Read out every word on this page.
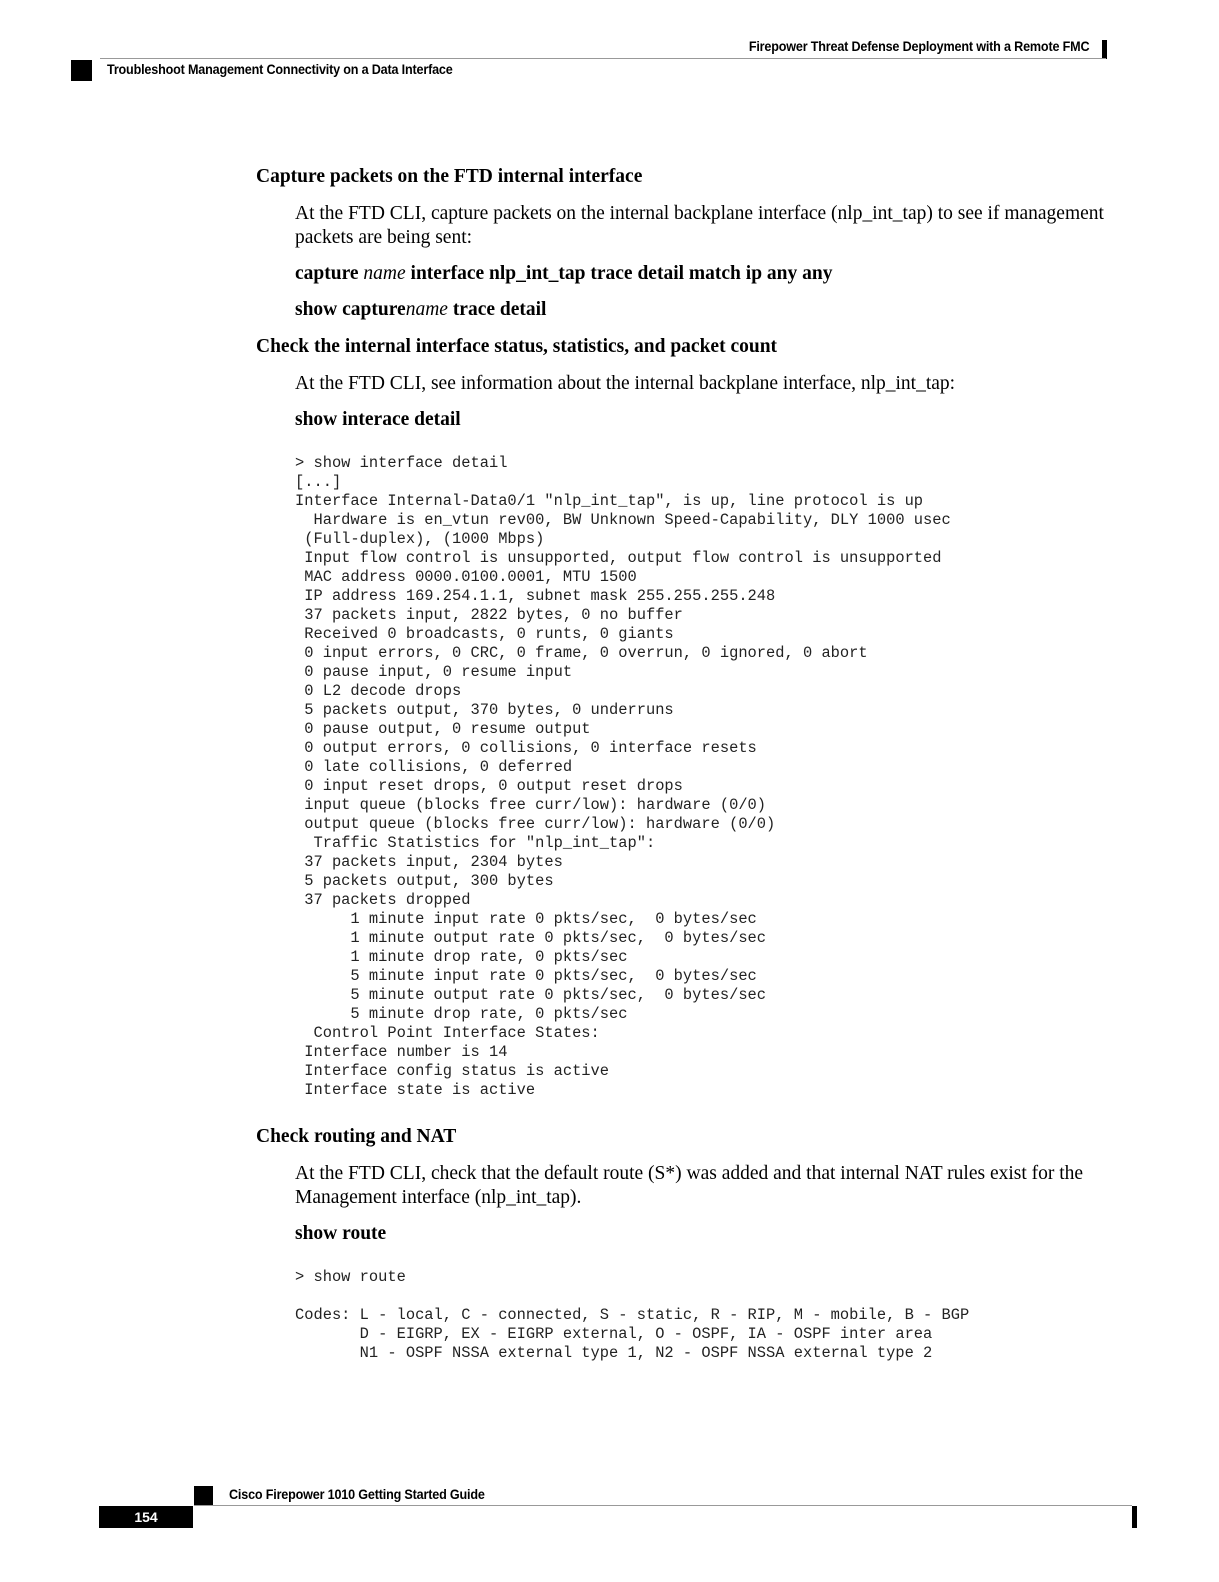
Firepower Threat Defense Deployment with a Remote FMC
Troubleshoot Management Connectivity on a Data Interface
Capture packets on the FTD internal interface

At the FTD CLI, capture packets on the internal backplane interface (nlp_int_tap) to see if management packets are being sent:

capture name interface nlp_int_tap trace detail match ip any any

show capturename trace detail

Check the internal interface status, statistics, and packet count

At the FTD CLI, see information about the internal backplane interface, nlp_int_tap:

show interace detail

> show interface detail
[...]
Interface Internal-Data0/1 "nlp_int_tap", is up, line protocol is up
Hardware is en_vtun rev00, BW Unknown Speed-Capability, DLY 1000 usec
(Full-duplex), (1000 Mbps)
Input flow control is unsupported, output flow control is unsupported
MAC address 0000.0100.0001, MTU 1500
IP address 169.254.1.1, subnet mask 255.255.255.248
37 packets input, 2822 bytes, 0 no buffer
Received 0 broadcasts, 0 runts, 0 giants
0 input errors, 0 CRC, 0 frame, 0 overrun, 0 ignored, 0 abort
0 pause input, 0 resume input
0 L2 decode drops
5 packets output, 370 bytes, 0 underruns
0 pause output, 0 resume output
0 output errors, 0 collisions, 0 interface resets
0 late collisions, 0 deferred
0 input reset drops, 0 output reset drops
input queue (blocks free curr/low): hardware (0/0)
output queue (blocks free curr/low): hardware (0/0)
Traffic Statistics for "nlp_int_tap":
37 packets input, 2304 bytes
5 packets output, 300 bytes
37 packets dropped
1 minute input rate 0 pkts/sec,  0 bytes/sec
1 minute output rate 0 pkts/sec,  0 bytes/sec
1 minute drop rate, 0 pkts/sec
5 minute input rate 0 pkts/sec,  0 bytes/sec
5 minute output rate 0 pkts/sec,  0 bytes/sec
5 minute drop rate, 0 pkts/sec
Control Point Interface States:
Interface number is 14
Interface config status is active
Interface state is active
Check routing and NAT

At the FTD CLI, check that the default route (S*) was added and that internal NAT rules exist for the Management interface (nlp_int_tap).

show route

> show route

Codes: L - local, C - connected, S - static, R - RIP, M - mobile, B - BGP
D - EIGRP, EX - EIGRP external, O - OSPF, IA - OSPF inter area
N1 - OSPF NSSA external type 1, N2 - OSPF NSSA external type 2
Cisco Firepower 1010 Getting Started Guide
154
